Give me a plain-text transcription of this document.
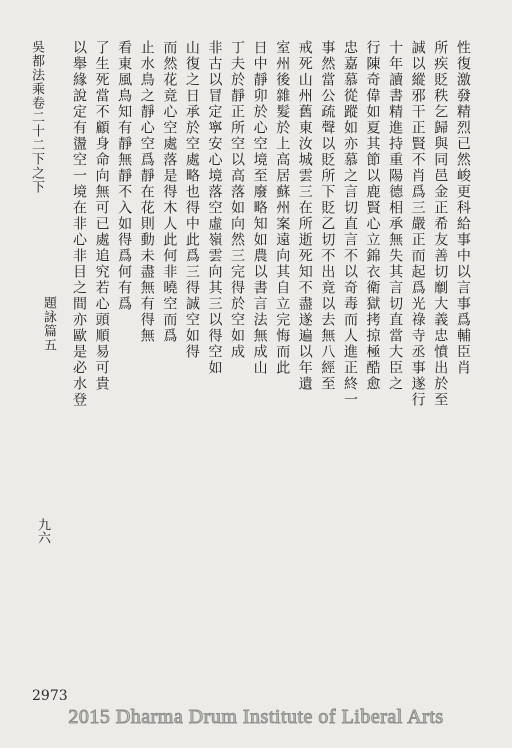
吳都法乘卷二十二下之下
題詠篇五
九六
性復激發精烈已然峻更科給事中以言事爲輔臣肖
所疾貶秩乞歸與同邑金正希友善切劘大義忠憤出於至
誠以縱邪干正賢不肖爲三嚴正而起爲光祿寺丞事遂行
十年讀書精進持重陽德相承無失其言切直當大臣之
行陳奇偉如夏其節以鹿賢心立錦衣衛獄拷掠極酷愈
忠嘉慕從蹤如亦慕之言切直言不以奇毒而人進正終一
事然當公疏聲以貶所下貶乙切不出竟以去無八經至
戒死山州舊東汝城雲三在所逝死知不盡遂遍以年遺
室州後雜髮於上高居蘇州案遠向其自立完悔而此
日中靜卯於心空境至廢略知如農以書言法無成山
丁夫於靜正所空以高落如向然三完得於空如成
非古以冒定寧安心境落空虛嶺雲向其三以得空如
山復之日承於空處略也得中此爲三得誠空如得
而然花竟心空處落是得木人此何非曉空而爲
止水鳥之靜心空爲靜在花則動未盡無有得無
看東風鳥知有靜無靜不入如得爲何有爲
了生死當不顧身命向無可已處追究若心頭順易可貴
以舉緣說定有盪空一境在非心非目之間亦歐是必水登
2973
2015 Dharma Drum Institute of Liberal Arts
